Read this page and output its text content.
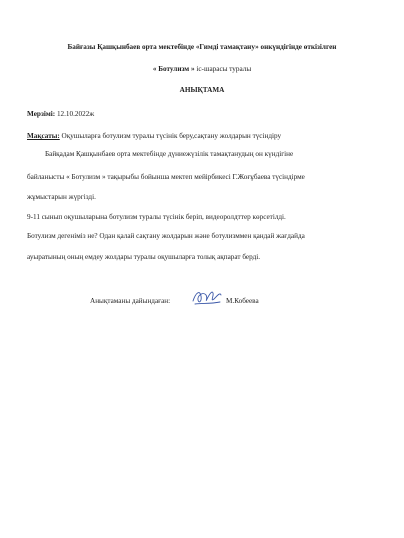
Байғазы Қашқынбаев орта мектебінде «Гимді тамақтану» онкүндігінде өткізілген
« Ботулизм » іс-шарасы туралы
АНЫҚТАМА
Мерзімі: 12.10.2022ж
Мақсаты: Оқушыларға ботулизм туралы түсінік беру,сақтану жолдарын түсіндіру
Байқадам Қашқынбаев орта мектебінде дүниежүзілік тамақтанудың он күндігіне
байланысты « Ботулизм » тақырыбы бойынша мектеп мейірбикесі Г.Жоғұбаева түсіндірме
жұмыстарын жүргізді.
9-11 сынып оқушыларына ботулизм туралы түсінік беріп, видеоролдттер көрсетілді.
Ботулизм дегеніміз не? Одан қалай сақтану жолдарын және ботулизммен қандай жағдайда
ауыратының оның емдеу жолдары туралы оқушыларға толық ақпарат берді.
Анықтаманы дайындаған:	М.Кобеева
